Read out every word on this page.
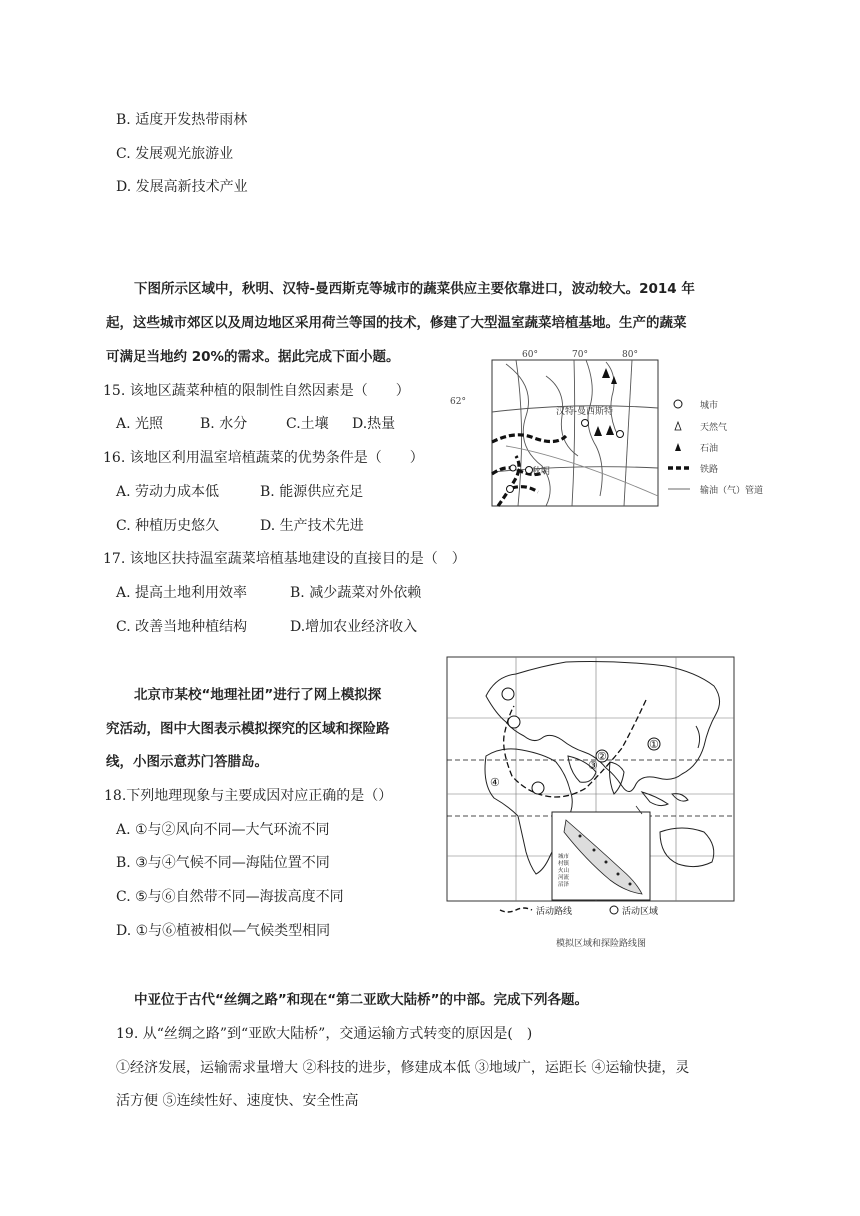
B. 适度开发热带雨林
C. 发展观光旅游业
D. 发展高新技术产业
下图所示区域中，秋明、汉特-曼西斯克等城市的蔬菜供应主要依靠进口，波动较大。2014 年
起，这些城市郊区以及周边地区采用荷兰等国的技术，修建了大型温室蔬菜培植基地。生产的蔬菜
可满足当地约 20%的需求。据此完成下面小题。
15. 该地区蔬菜种植的限制性自然因素是（　　）
A. 光照	B. 水分	C.土壤 D.热量
16. 该地区利用温室培植蔬菜的优势条件是（　　）
A. 劳动力成本低	B. 能源供应充足
C. 种植历史悠久	D. 生产技术先进
17. 该地区扶持温室蔬菜培植基地建设的直接目的是（　）
A. 提高土地利用效率	B. 减少蔬菜对外依赖
C. 改善当地种植结构	D.增加农业经济收入
60°	70°	80°
62°
汉特-曼西斯特
秋明
城市
天然气
石油
铁路
输油（气）管道
北京市某校“地理社团”进行了网上模拟探
究活动，图中大图表示模拟探究的区域和探险路
线，小图示意苏门答腊岛。
18.下列地理现象与主要成因对应正确的是（）
A. ①与②风向不同—大气环流不同
B. ③与④气候不同—海陆位置不同
C. ⑤与⑥自然带不同—海拔高度不同
D. ①与⑥植被相似—气候类型相同
①
②
③
④
城市
村镇
火山
河流
沼泽
活动路线	活动区域
模拟区域和探险路线图
中亚位于古代“丝绸之路”和现在“第二亚欧大陆桥”的中部。完成下列各题。
19. 从“丝绸之路”到“亚欧大陆桥”，交通运输方式转变的原因是(　)
①经济发展，运输需求量增大 ②科技的进步，修建成本低 ③地域广，运距长 ④运输快捷，灵
活方便 ⑤连续性好、速度快、安全性高
